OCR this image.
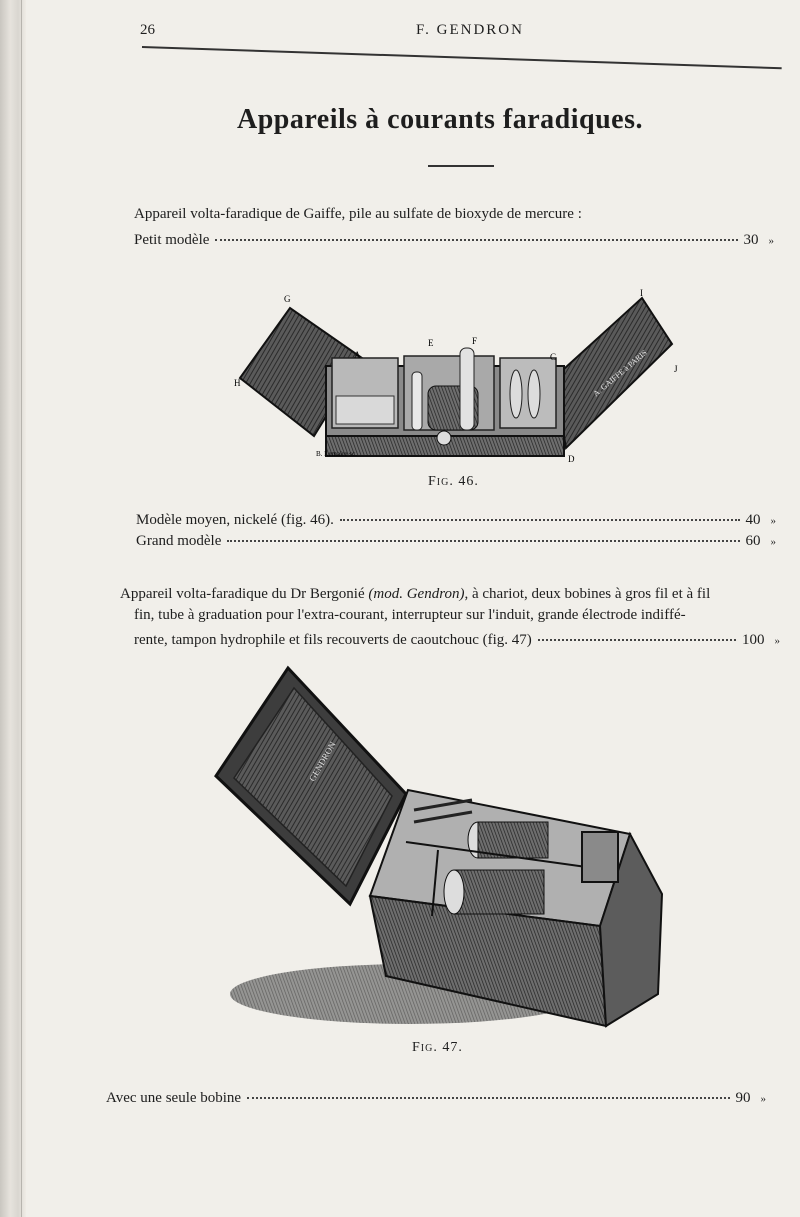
26	F. GENDRON
Appareils à courants faradiques.
Appareil volta-faradique de Gaiffe, pile au sulfate de bioxyde de mercure :
Petit modèle	30 »
G
I
H
A
E	F
C
J
D
B. Lemaire sc.
A. GAIFFE à PARIS
Fig. 46.
Modèle moyen, nickelé (fig. 46).	40 »
Grand modèle	60 »
Appareil volta-faradique du Dr Bergonié (mod. Gendron), à chariot, deux bobines à gros fil et à fil
fin, tube à graduation pour l'extra-courant, interrupteur sur l'induit, grande électrode indiffé-
rente, tampon hydrophile et fils recouverts de caoutchouc (fig. 47)	100 »
GENDRON
Fig. 47.
Avec une seule bobine	90 »
